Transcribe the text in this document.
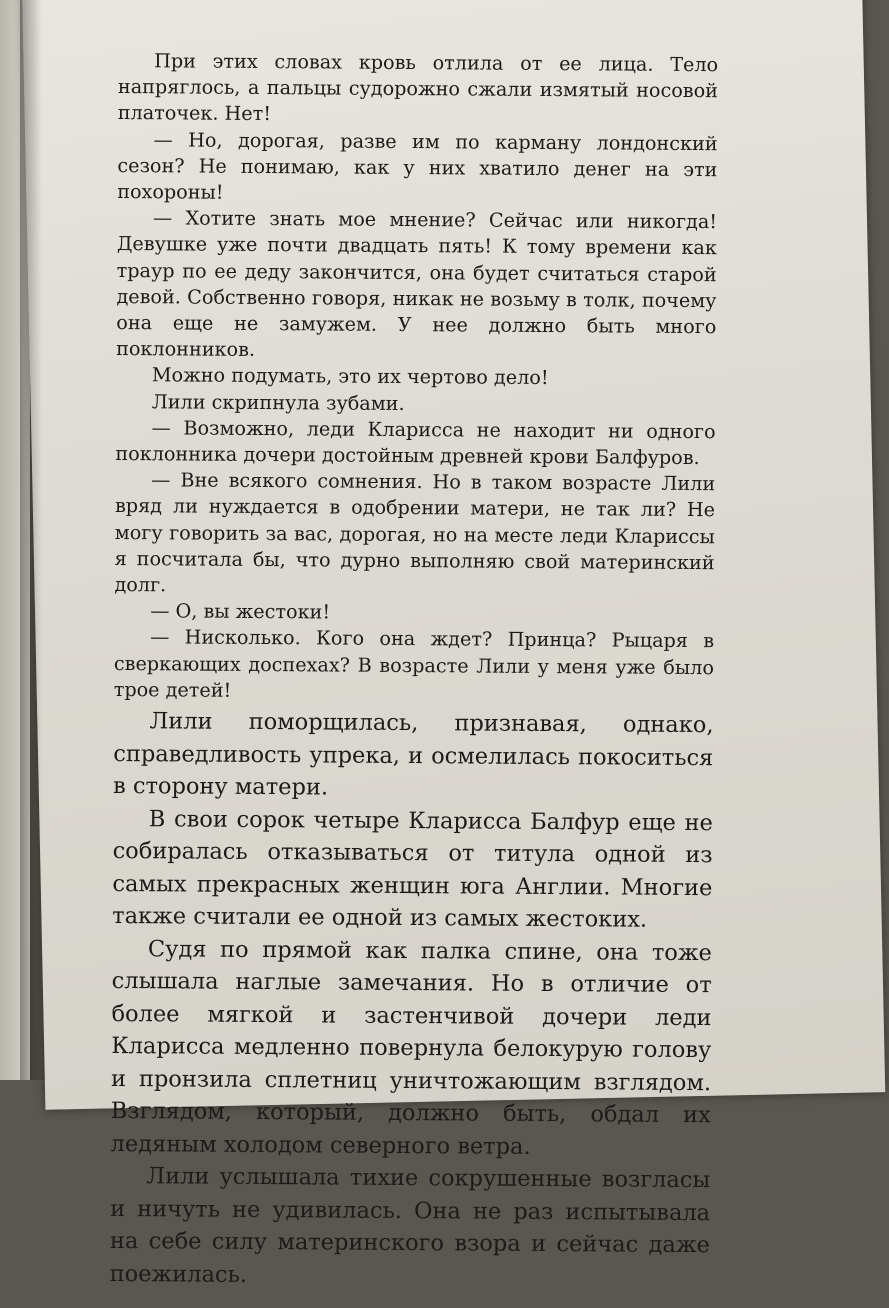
При этих словах кровь отлила от ее лица. Тело напряглось, а пальцы судорожно сжали измятый носовой платочек. Нет!

— Но, дорогая, разве им по карману лондонский сезон? Не понимаю, как у них хватило денег на эти похороны!

— Хотите знать мое мнение? Сейчас или никогда! Девушке уже почти двадцать пять! К тому времени как траур по ее деду закончится, она будет считаться старой девой. Собственно говоря, никак не возьму в толк, почему она еще не замужем. У нее должно быть много поклонников.

Можно подумать, это их чертово дело!

Лили скрипнула зубами.

— Возможно, леди Кларисса не находит ни одного поклонника дочери достойным древней крови Балфуров.

— Вне всякого сомнения. Но в таком возрасте Лили вряд ли нуждается в одобрении матери, не так ли? Не могу говорить за вас, дорогая, но на месте леди Клариссы я посчитала бы, что дурно выполняю свой материнский долг.

— О, вы жестоки!

— Нисколько. Кого она ждет? Принца? Рыцаря в сверкающих доспехах? В возрасте Лили у меня уже было трое детей!

Лили поморщилась, признавая, однако, справедливость упрека, и осмелилась покоситься в сторону матери.

В свои сорок четыре Кларисса Балфур еще не собиралась отказываться от титула одной из самых прекрасных женщин юга Англии. Многие также считали ее одной из самых жестоких.

Судя по прямой как палка спине, она тоже слышала наглые замечания. Но в отличие от более мягкой и застенчивой дочери леди Кларисса медленно повернула белокурую голову и пронзила сплетниц уничтожающим взглядом. Взглядом, который, должно быть, обдал их ледяным холодом северного ветра.

Лили услышала тихие сокрушенные возгласы и ничуть не удивилась. Она не раз испытывала на себе силу материнского взора и сейчас даже поежилась.
